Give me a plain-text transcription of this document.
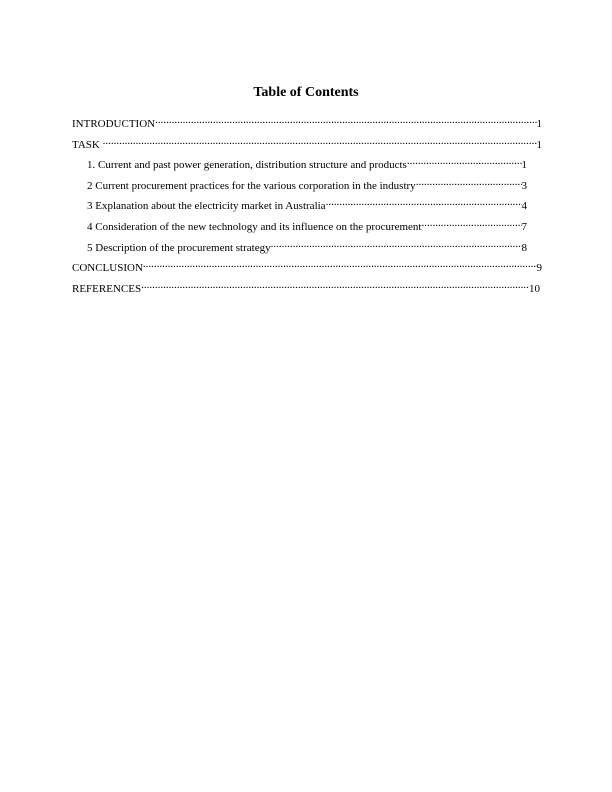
Table of Contents
INTRODUCTION .....	1
TASK .....	1
1. Current and past power generation, distribution structure and products .....	1
2 Current procurement practices for the various corporation in the industry .....	3
3 Explanation about the electricity market in Australia .....	4
4 Consideration of the new technology and its influence on the procurement .....	7
5 Description of the procurement strategy .....	8
CONCLUSION .....	9
REFERENCES .....	10
